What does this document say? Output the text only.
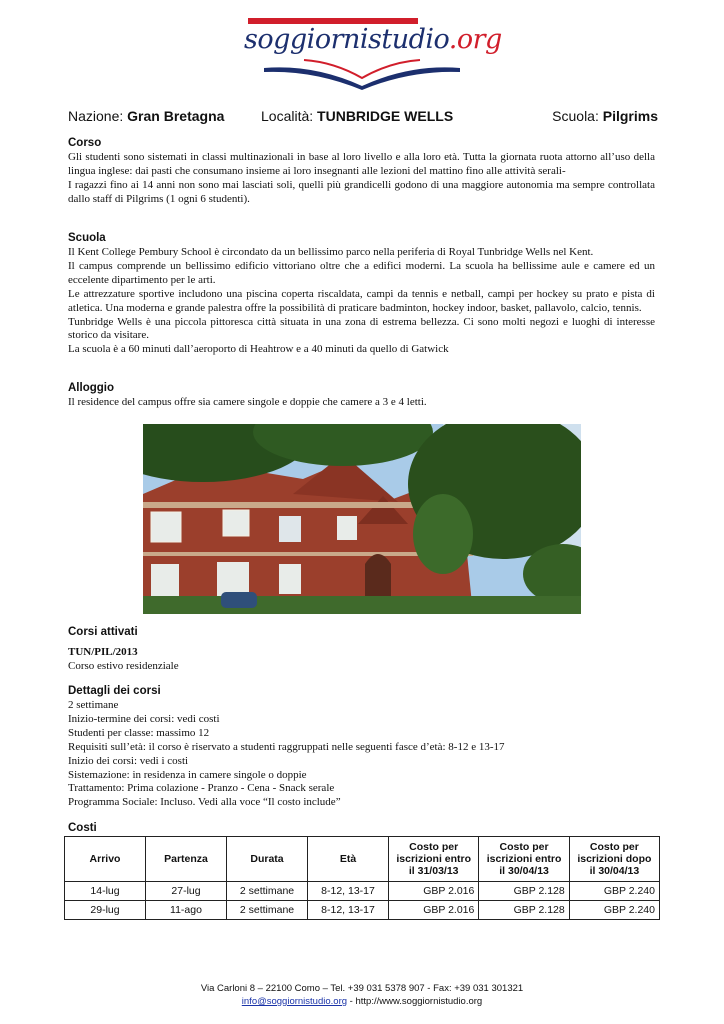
soggiornistudio.org
Nazione: Gran Bretagna	Località: TUNBRIDGE WELLS	Scuola: Pilgrims
Corso

Gli studenti sono sistemati in classi multinazionali in base al loro livello e alla loro età. Tutta la giornata ruota attorno all’uso della lingua inglese: dai pasti che consumano insieme ai loro insegnanti alle lezioni del mattino fino alle attività serali-

I ragazzi fino ai 14 anni non sono mai lasciati soli, quelli più grandicelli godono di una maggiore autonomia ma sempre controllata dallo staff di Pilgrims (1 ogni 6 studenti).

Scuola

Il Kent College Pembury School è circondato da un bellissimo parco nella periferia di Royal Tunbridge Wells nel Kent.

Il campus comprende un bellissimo edificio vittoriano oltre che a edifici moderni. La scuola ha bellissime aule e camere ed un eccelente dipartimento per le arti.

Le attrezzature sportive includono una piscina coperta riscaldata, campi da tennis e netball, campi per hockey su prato e pista di atletica. Una moderna e grande palestra offre la possibilità di praticare badminton, hockey indoor, basket, pallavolo, calcio, tennis.

Tunbridge Wells è una piccola pittoresca città situata in una zona di estrema bellezza. Ci sono molti negozi e luoghi di interesse storico da visitare.

La scuola è a 60 minuti dall’aeroporto di Heahtrow e a 40 minuti da quello di Gatwick

Alloggio

Il residence del campus offre sia camere singole e doppie che camere a 3 e 4 letti.

Corsi attivati

TUN/PIL/2013

Corso estivo residenziale

Dettagli dei corsi

2 settimane

Inizio-termine dei corsi: vedi costi

Studenti per classe: massimo 12

Requisiti sull’età: il corso è riservato a studenti raggruppati nelle seguenti fasce d’età: 8-12 e 13-17

Inizio dei corsi: vedi i costi

Sistemazione: in residenza in camere singole o doppie

Trattamento: Prima colazione - Pranzo - Cena - Snack serale

Programma Sociale: Incluso. Vedi alla voce “Il costo include”

Costi
Arrivo	Partenza	Durata	Età	Costo per iscrizioni entro il 31/03/13	Costo per iscrizioni entro il 30/04/13	Costo per iscrizioni dopo il 30/04/13
14-lug	27-lug	2 settimane	8-12, 13-17	GBP 2.016	GBP 2.128	GBP 2.240
29-lug	11-ago	2 settimane	8-12, 13-17	GBP 2.016	GBP 2.128	GBP 2.240
Via Carloni 8 – 22100 Como – Tel. +39 031 5378 907 - Fax: +39 031 301321
info@soggiornistudio.org - http://www.soggiornistudio.org
